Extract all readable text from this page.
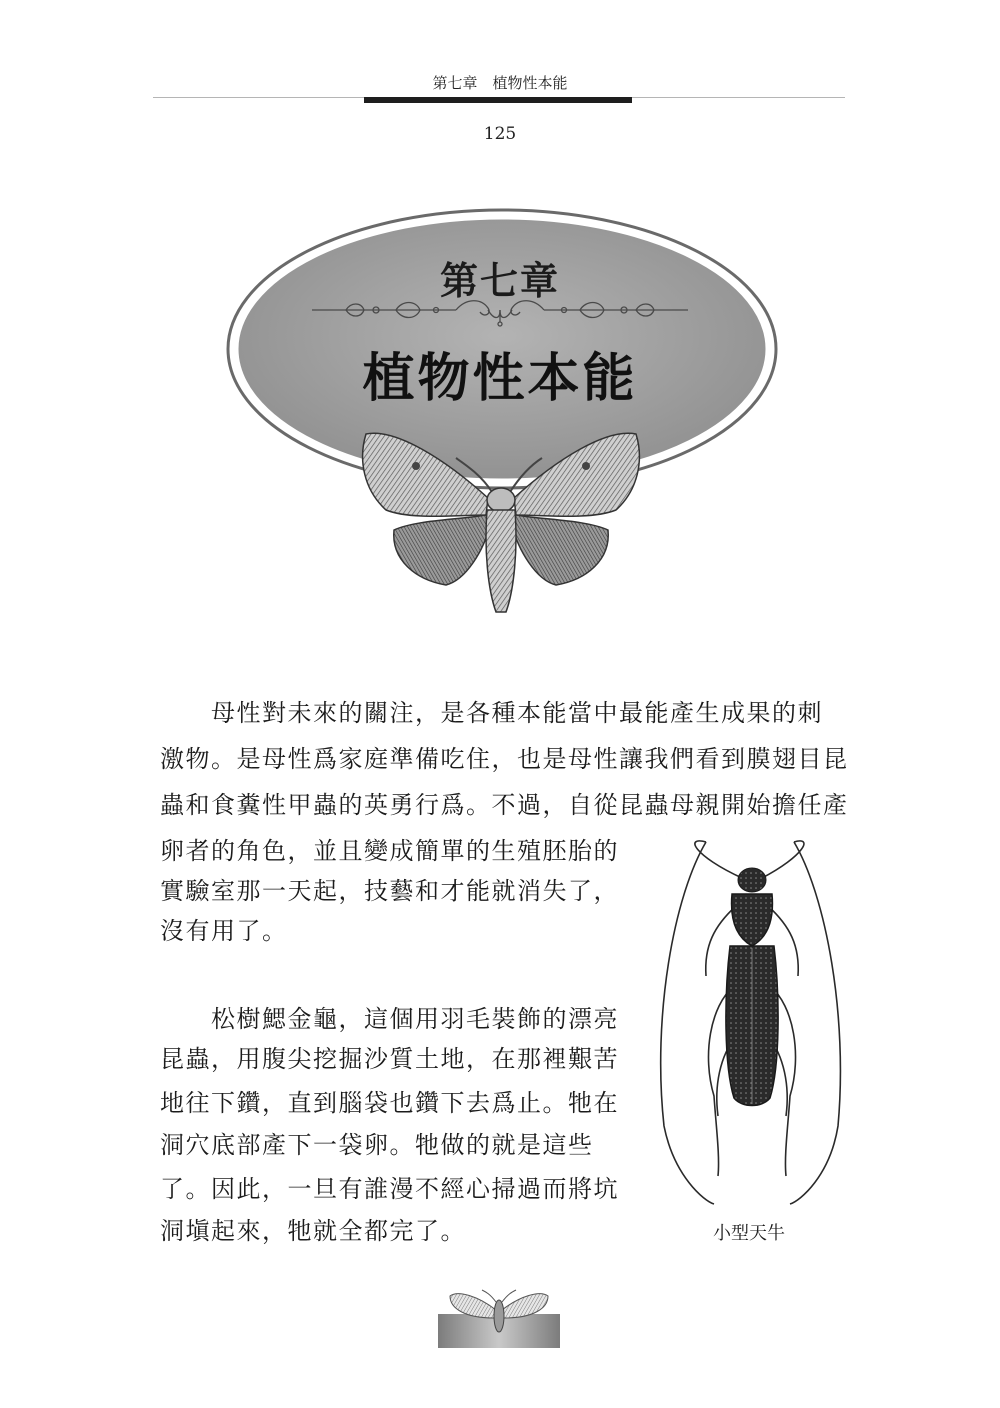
第七章　植物性本能
125
第七章
植物性本能
　　母性對未來的關注，是各種本能當中最能產生成果的刺
激物。是母性爲家庭準備吃住，也是母性讓我們看到膜翅目昆
蟲和食糞性甲蟲的英勇行爲。不過，自從昆蟲母親開始擔任產
卵者的角色，並且變成簡單的生殖胚胎的
實驗室那一天起，技藝和才能就消失了，
沒有用了。
　　松樹鰓金龜，這個用羽毛裝飾的漂亮
昆蟲，用腹尖挖掘沙質土地，在那裡艱苦
地往下鑽，直到腦袋也鑽下去爲止。牠在
洞穴底部產下一袋卵。牠做的就是這些
了。因此，一旦有誰漫不經心掃過而將坑
洞塡起來，牠就全都完了。	小型天牛
